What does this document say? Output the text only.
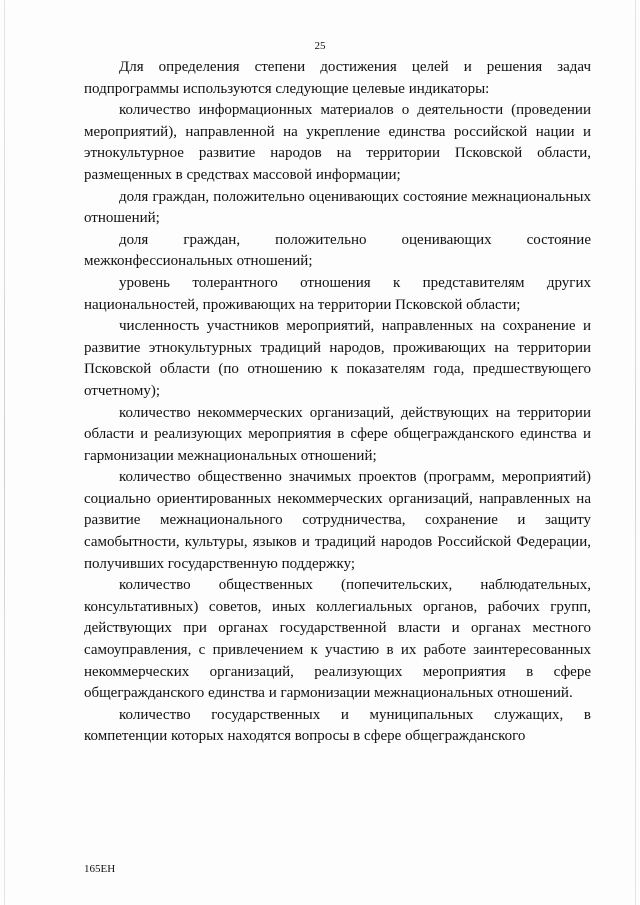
25

Для определения степени достижения целей и решения задач подпрограммы используются следующие целевые индикаторы:

количество информационных материалов о деятельности (проведении мероприятий), направленной на укрепление единства российской нации и этнокультурное развитие народов на территории Псковской области, размещенных в средствах массовой информации;

доля граждан, положительно оценивающих состояние межнациональных отношений;

доля граждан, положительно оценивающих состояние межконфессиональных отношений;

уровень толерантного отношения к представителям других национальностей, проживающих на территории Псковской области;

численность участников мероприятий, направленных на сохранение и развитие этнокультурных традиций народов, проживающих на территории Псковской области (по отношению к показателям года, предшествующего отчетному);

количество некоммерческих организаций, действующих на территории области и реализующих мероприятия в сфере общегражданского единства и гармонизации межнациональных отношений;

количество общественно значимых проектов (программ, мероприятий) социально ориентированных некоммерческих организаций, направленных на развитие межнационального сотрудничества, сохранение и защиту самобытности, культуры, языков и традиций народов Российской Федерации, получивших государственную поддержку;

количество общественных (попечительских, наблюдательных, консультативных) советов, иных коллегиальных органов, рабочих групп, действующих при органах государственной власти и органах местного самоуправления, с привлечением к участию в их работе заинтересованных некоммерческих организаций, реализующих мероприятия в сфере общегражданского единства и гармонизации межнациональных отношений.

количество государственных и муниципальных служащих, в компетенции которых находятся вопросы в сфере общегражданского

165ЕН
